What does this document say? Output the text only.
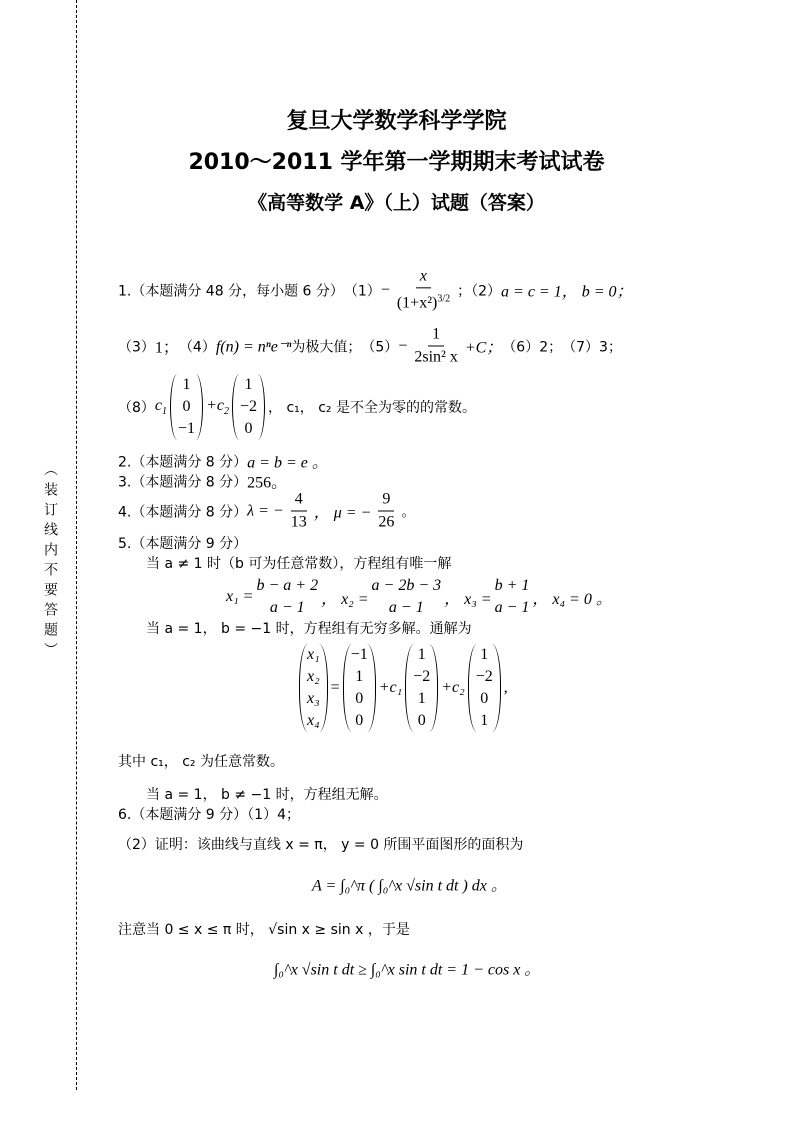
（装订线内不要答题）
复旦大学数学科学学院
2010～2011 学年第一学期期末考试试卷
《高等数学 A》（上）试题（答案）
1.（本题满分 48 分，每小题 6 分） $(1) - \frac{x}{(1+x^2)^{3/2}}$ ；（2） a = c = 1， b = 0；
（3） 1； （4） f(n) = nⁿe⁻ⁿ 为极大值； $(5) - \frac{1}{\text{2sin² x}} +C$； （6）2； （7）3；
（8） $c_1$
1
0
−1
$+c_2$
1
−2
0
， c₁， c₂ 是不全为零的的常数。
2.（本题满分 8 分） a = b = e 。
3.（本题满分 8 分） 256。
4.（本题满分 8 分） λ = − $\frac{4}{13}$ ， μ = − $\frac{9}{26}$ 。
5.（本题满分 9 分）
当 a ≠ 1 时（b 可为任意常数），方程组有唯一解
x₁ =
b − a + 2
a − 1 ， x₂ =
a − 2b − 3
a − 1 ， x₃ =
b + 1
a − 1 ， x₄ = 0 。
当 a = 1， b = −1 时，方程组有无穷多解。通解为
x₁
x₂
x₃
x₄
=
−1
1
0
0
+c₁
1
−2
1
0
+c₂
1
−2
0
1
,
其中 c₁， c₂ 为任意常数。
当 a = 1， b ≠ −1 时，方程组无解。
6.（本题满分 9 分）（1）4；
（2）证明：该曲线与直线 x = π， y = 0 所围平面图形的面积为
A = ∫₀^π ( ∫₀^x √sin t dt ) dx 。
注意当 0 ≤ x ≤ π 时， √sin x ≥ sin x ，于是
∫₀^x √sin t dt ≥ ∫₀^x sin t dt = 1 − cos x 。
